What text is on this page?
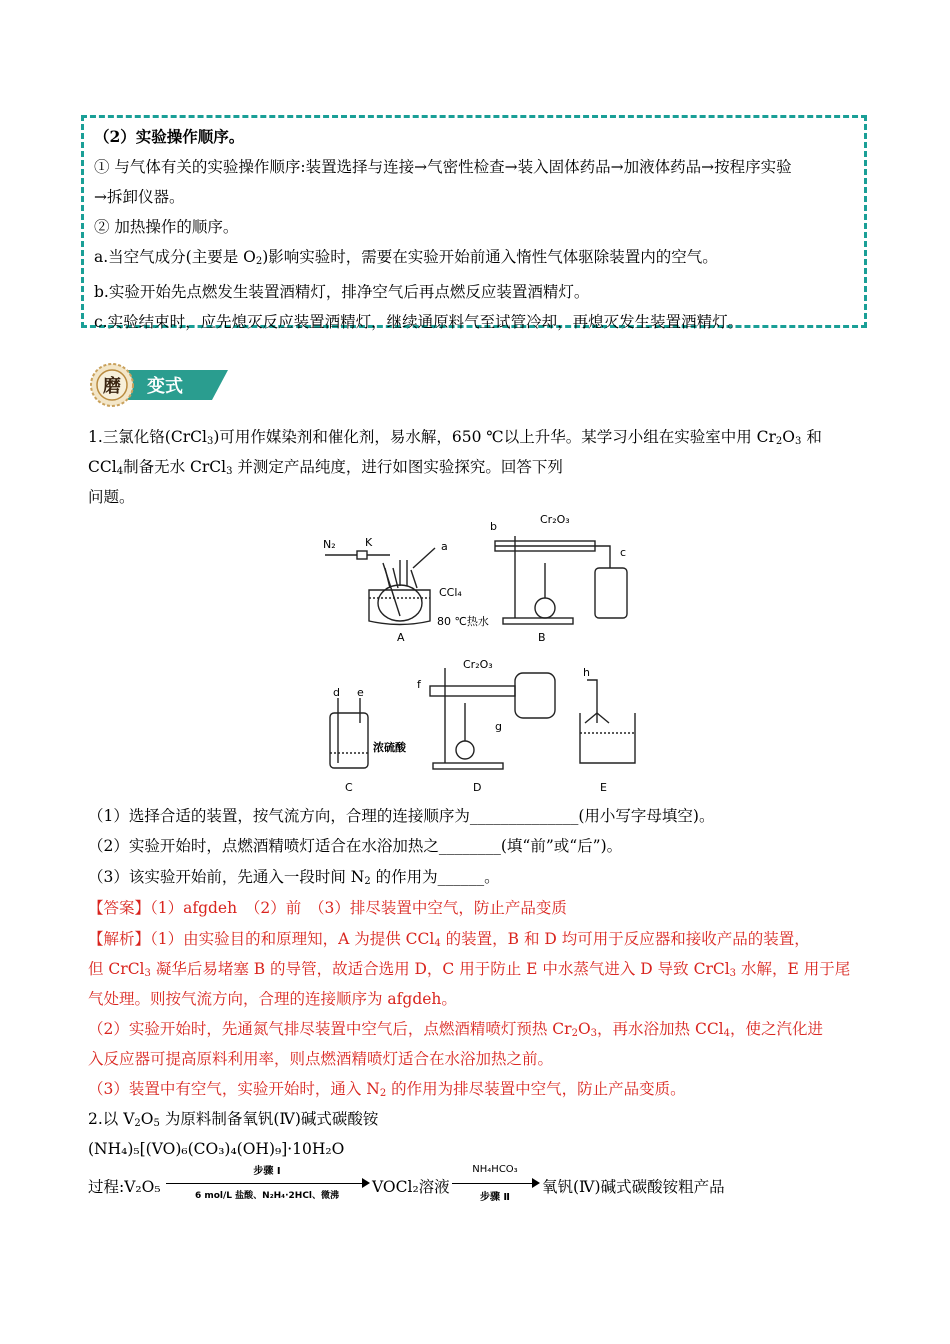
（2）实验操作顺序。
① 与气体有关的实验操作顺序:装置选择与连接→气密性检查→装入固体药品→加液体药品→按程序实验
→拆卸仪器。
② 加热操作的顺序。
a.当空气成分(主要是 $O_2$)影响实验时，需要在实验开始前通入惰性气体驱除装置内的空气。
b.实验开始先点燃发生装置酒精灯，排净空气后再点燃反应装置酒精灯。
c.实验结束时，应先熄灭反应装置酒精灯，继续通原料气至试管冷却，再熄灭发生装置酒精灯。
磨 变式
1.三氯化铬(CrCl$_3$)可用作媒染剂和催化剂，易水解，650 ℃以上升华。某学习小组在实验室中用 $Cr_2O_3$ 和
CCl$_4$制备无水 CrCl$_3$ 并测定产品纯度，进行如图实验探究。回答下列
问题。
N₂	K	a
CCl₄
80 ℃热水
A
b
Cr₂O₃
c
B
d e
浓硫酸
C
f
Cr₂O₃
g
D
h
E
（1）选择合适的装置，按气流方向，合理的连接顺序为______________(用小写字母填空)。
（2）实验开始时，点燃酒精喷灯适合在水浴加热之________(填“前”或“后”)。
（3）该实验开始前，先通入一段时间 $N_2$ 的作用为______。
【答案】（1）afgdeh　（2）前　（3）排尽装置中空气，防止产品变质
【解析】（1）由实验目的和原理知，A 为提供 CCl$_4$ 的装置，B 和 D 均可用于反应器和接收产品的装置，
但 CrCl$_3$ 凝华后易堵塞 B 的导管，故适合选用 D，C 用于防止 E 中水蒸气进入 D 导致 CrCl$_3$ 水解，E 用于尾
气处理。则按气流方向，合理的连接顺序为 afgdeh。
（2）实验开始时，先通氮气排尽装置中空气后，点燃酒精喷灯预热 $Cr_2O_3$，再水浴加热 CCl$_4$，使之汽化进
入反应器可提高原料利用率，则点燃酒精喷灯适合在水浴加热之前。
（3）装置中有空气，实验开始时，通入 $N_2$ 的作用为排尽装置中空气，防止产品变质。
2.以 $V_2O_5$ 为原料制备氧钒(Ⅳ)碱式碳酸铵
(NH₄)₅[(VO)₆(CO₃)₄(OH)₉]·10H₂O
过程:V₂O₅
步骤 Ⅰ
6 mol/L 盐酸、N₂H₄·2HCl、微沸	VOCl₂溶液
NH₄HCO₃
步骤 Ⅱ
氧钒(Ⅳ)碱式碳酸铵粗产品
